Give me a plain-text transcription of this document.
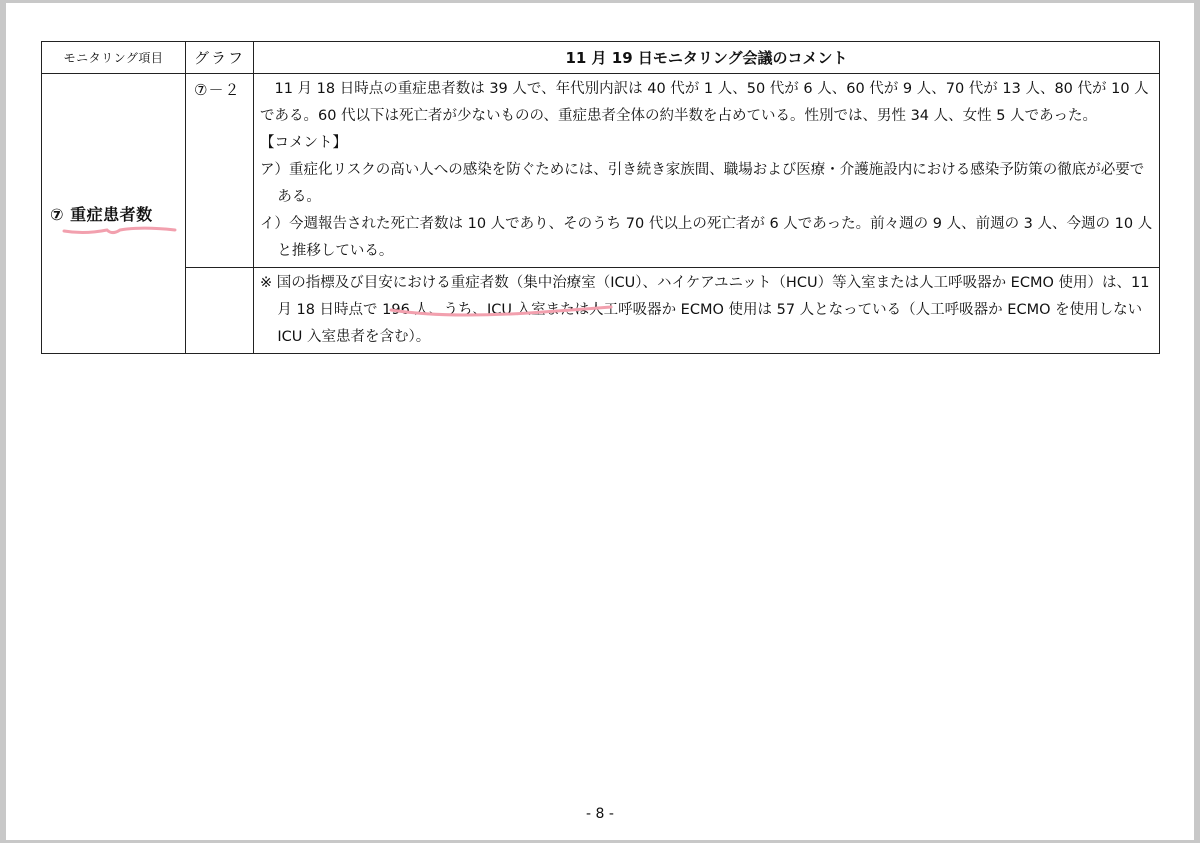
モニタリング項目	グラフ	11 月 19 日モニタリング会議のコメント

⑦ 重症患者数	⑦－２	11 月 18 日時点の重症患者数は 39 人で、年代別内訳は 40 代が 1 人、50 代が 6 人、60 代が 9 人、70 代が 13 人、80 代が 10 人である。60 代以下は死亡者が少ないものの、重症患者全体の約半数を占めている。性別では、男性 34 人、女性 5 人であった。

【コメント】

ア）重症化リスクの高い人への感染を防ぐためには、引き続き家族間、職場および医療・介護施設内における感染予防策の徹底が必要である。

イ）今週報告された死亡者数は 10 人であり、そのうち 70 代以上の死亡者が 6 人であった。前々週の 9 人、前週の 3 人、今週の 10 人と推移している。

		※ 国の指標及び目安における重症者数（集中治療室（ICU）、ハイケアユニット（HCU）等入室または人工呼吸器か ECMO 使用）は、11 月 18 日時点で 196 人、うち、ICU 入室または人工呼吸器か ECMO 使用は 57 人となっている（人工呼吸器か ECMO を使用しない ICU 入室患者を含む）。

- 8 -
